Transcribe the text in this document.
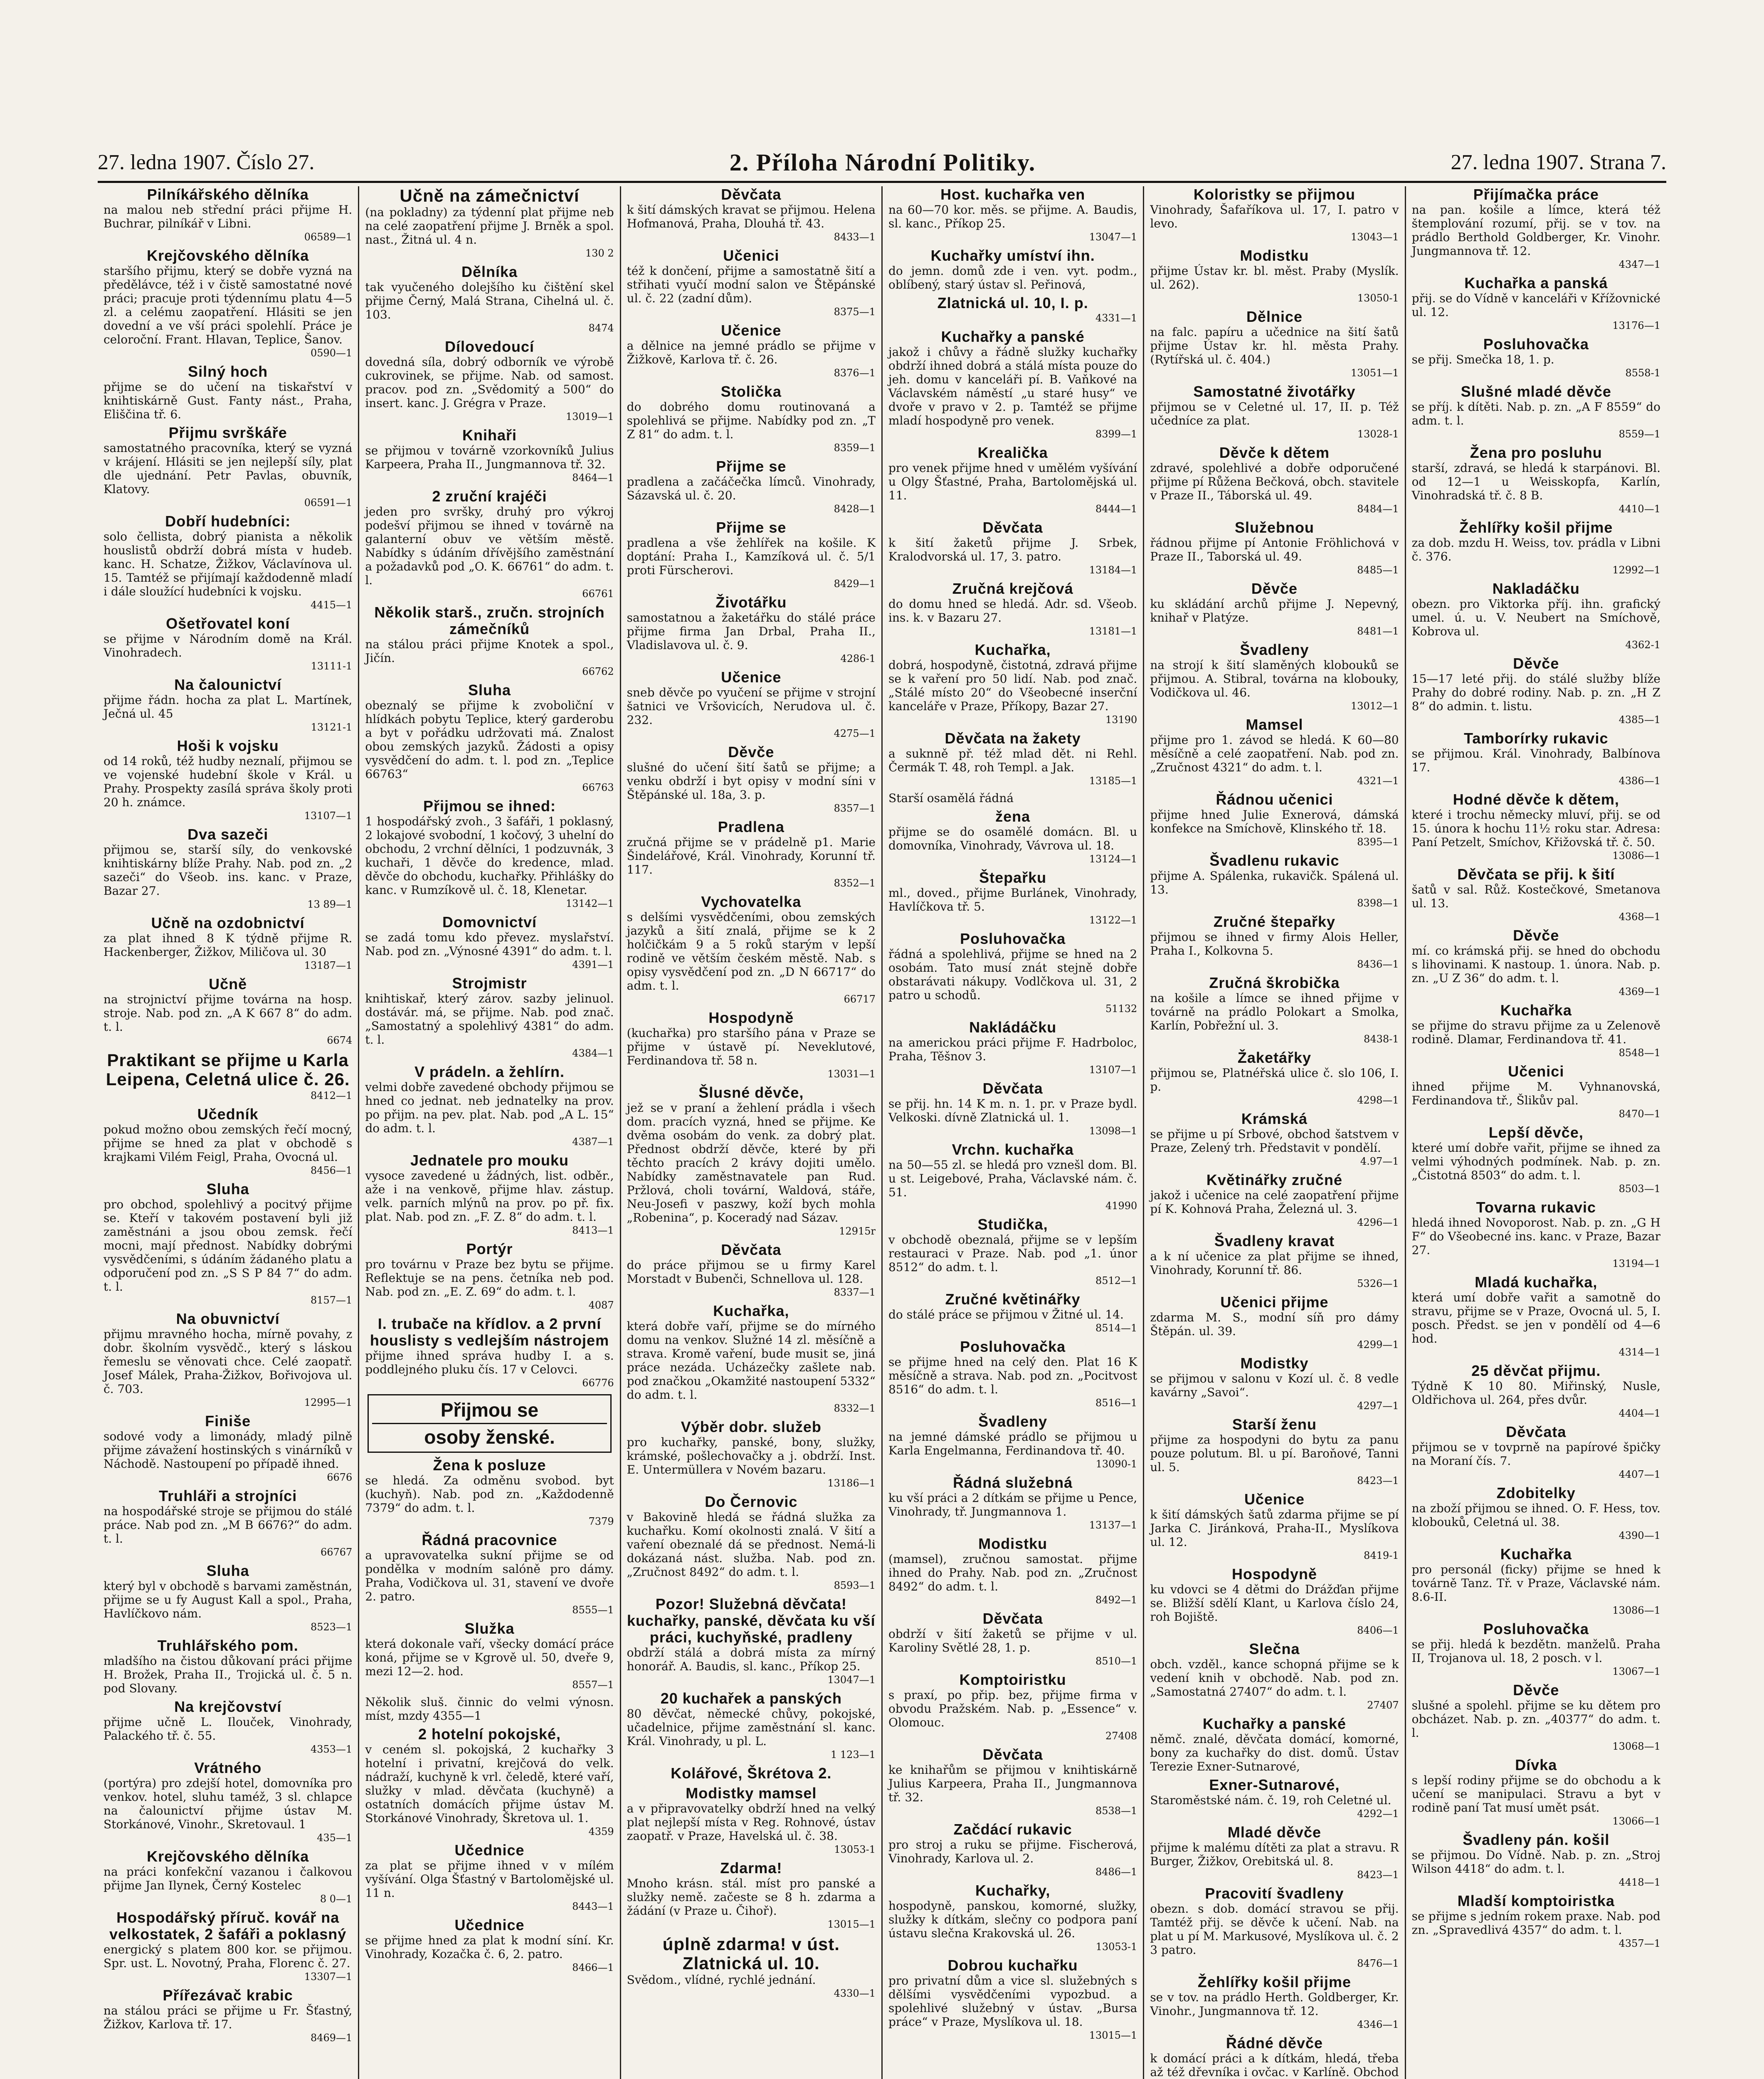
27. ledna 1907. Číslo 27.	2. Příloha Národní Politiky.	27. ledna 1907. Strana 7.
Pilníkářského dělníka

na malou neb střední práci přijme H. Buchrar, pilníkář v Libni.

06589—1
Krejčovského dělníka

staršího přijmu, který se dobře vyzná na předělávce, též i v čistě samostatné nové práci; pracuje proti týdennímu platu 4—5 zl. a celému zaopatření. Hlásiti se jen dovední a ve vší práci spolehlí. Práce je celoroční. Frant. Hlavan, Teplice, Šanov.

0590—1
Silný hoch

přijme se do učení na tiskařství v knihtiskárně Gust. Fanty nást., Praha, Eliščina tř. 6.

Přijmu svrškáře

samostatného pracovníka, který se vyzná v krájení. Hlásiti se jen nejlepší síly, plat dle ujednání. Petr Pavlas, obuvník, Klatovy.

06591—1
Dobří hudebníci:

solo čellista, dobrý pianista a několik houslistů obdrží dobrá místa v hudeb. kanc. H. Schatze, Žižkov, Václavínova ul. 15. Tamtéž se přijímají každodenně mladí i dále sloužící hudebníci k vojsku.

4415—1
Ošetřovatel koní

se přijme v Národním domě na Král. Vinohradech.

13111-1
Na čalounictví

přijme řádn. hocha za plat L. Martínek, Ječná ul. 45

13121-1
Hoši k vojsku

od 14 roků, též hudby neznalí, přijmou se ve vojenské hudební škole v Král. u Prahy. Prospekty zasílá správa školy proti 20 h. známce.

13107—1
Dva sazeči

přijmou se, starší síly, do venkovské knihtiskárny blíže Prahy. Nab. pod zn. „2 sazeči“ do Všeob. ins. kanc. v Praze, Bazar 27.

13 89—1
Učně na ozdobnictví

za plat ihned 8 K týdně přijme R. Hackenberger, Žižkov, Miličova ul. 30

13187—1
Učně

na strojnictví přijme továrna na hosp. stroje. Nab. pod zn. „A K 667 8“ do adm. t. l.

6674
Praktikant se přijme u Karla Leipena, Celetná ulice č. 26.
8412—1
Učedník

pokud možno obou zemských řečí mocný, přijme se hned za plat v obchodě s krajkami Vilém Feigl, Praha, Ovocná ul.

8456—1
Sluha

pro obchod, spolehlivý a pocitvý přijme se. Kteří v takovém postavení byli již zaměstnáni a jsou obou zemsk. řečí mocni, mají přednost. Nabídky dobrými vysvědčeními, s údáním žádaného platu a odporučení pod zn. „S S P 84 7“ do adm. t. l.

8157—1
Na obuvnictví

přijmu mravného hocha, mírně povahy, z dobr. školním vysvědč., který s láskou řemeslu se věnovati chce. Celé zaopatř. Josef Málek, Praha-Žižkov, Bořivojova ul. č. 703.

12995—1
Finiše

sodové vody a limonády, mladý pilně přijme závažení hostinských s vinárníků v Náchodě. Nastoupení po případě ihned.

6676
Truhláři a strojníci

na hospodářské stroje se přijmou do stálé práce. Nab pod zn. „M B 6676?“ do adm. t. l.

66767
Sluha

který byl v obchodě s barvami zaměstnán, přijme se u fy August Kall a spol., Praha, Havlíčkovo nám.

8523—1
Truhlářského pom.

mladšího na čistou důkovaní práci přijme H. Brožek, Praha II., Trojická ul. č. 5 n. pod Slovany.

Na krejčovství

přijme učně L. Ilouček, Vinohrady, Palackého tř. č. 55.

4353—1
Vrátného

(portýra) pro zdejší hotel, domovníka pro venkov. hotel, sluhu taméž, 3 sl. chlapce na čalounictví přijme ústav M. Storkánové, Vinohr., Skretovaul. 1

435—1
Krejčovského dělníka

na práci konfekční vazanou i čalkovou přijme Jan Ilynek, Černý Kostelec

8 0—1
Hospodářský příruč. kovář na velkostatek, 2 šafáři a poklasný

energický s platem 800 kor. se přijmou. Spr. ust. L. Novotný, Praha, Florenc č. 27.

13307—1
Přířezávač krabic

na stálou práci se přijme u Fr. Šťastný, Žižkov, Karlova tř. 17.

8469—1
Učně na zámečnictví

(na pokladny) za týdenní plat přijme neb na celé zaopatření přijme J. Brněk a spol. nast., Žitná ul. 4 n.

130 2
Dělníka

tak vyučeného dolejšího ku čištění skel přijme Černý, Malá Strana, Cihelná ul. č. 103.

8474
Dílovedoucí

dovedná síla, dobrý odborník ve výrobě cukrovinek, se přijme. Nab. od samost. pracov. pod zn. „Svědomitý a 500“ do insert. kanc. J. Grégra v Praze.

13019—1
Knihaři

se přijmou v továrně vzorkovníků Julius Karpeera, Praha II., Jungmannova tř. 32.

8464—1
2 zruční krajéči

jeden pro svršky, druhý pro výkroj podešví přijmou se ihned v továrně na galanterní obuv ve větším městě. Nabídky s údáním dřívějšího zaměstnání a požadavků pod „O. K. 66761“ do adm. t. l.

66761
Několik starš., zručn. strojních zámečníků

na stálou práci přijme Knotek a spol., Jičín.

66762
Sluha

obeznalý se přijme k zvoboliční v hlídkách pobytu Teplice, který garderobu a byt v pořádku udržovati má. Znalost obou zemských jazyků. Žádosti a opisy vysvědčení do adm. t. l. pod zn. „Teplice 66763“

66763
Přijmou se ihned:

1 hospodářský zvoh., 3 šafáři, 1 poklasný, 2 lokajové svobodní, 1 kočový, 3 uhelní do obchodu, 2 vrchní dělníci, 1 podzuvnák, 3 kuchaři, 1 děvče do kredence, mlad. děvče do obchodu, kuchařky. Přihlášky do kanc. v Rumzíkově ul. č. 18, Klenetar.

13142—1
Domovnictví

se zadá tomu kdo převez. myslařství. Nab. pod zn. „Výnosné 4391“ do adm. t. l.

4391—1
Strojmistr

knihtiskař, který zárov. sazby jelinuol. dostávár. má, se přijme. Nab. pod znač. „Samostatný a spolehlivý 4381“ do adm. t. l.

4384—1
V prádeln. a žehlírn.

velmi dobře zavedené obchody přijmou se hned co jednat. neb jednatelky na prov. po přijm. na pev. plat. Nab. pod „A L. 15“ do adm. t. l.

4387—1
Jednatele pro mouku

vysoce zavedené u žádných, list. odběr., aže i na venkově, přijme hlav. zástup. velk. parních mlýnů na prov. po př. fix. plat. Nab. pod zn. „F. Z. 8“ do adm. t. l.

8413—1
Portýr

pro továrnu v Praze bez bytu se přijme. Reflektuje se na pens. četníka neb pod. Nab. pod zn. „E. Z. 69“ do adm. t. l.

4087
I. trubače na křídlov. a 2 první houslisty s vedlejším nástrojem

přijme ihned správa hudby I. a s. poddlejného pluku čís. 17 v Celovci.

66776
Přijmou se
osoby ženské.
Žena k posluze

se hledá. Za odměnu svobod. byt (kuchyň). Nab. pod zn. „Každodenně 7379“ do adm. t. l.

7379
Řádná pracovnice

a upravovatelka sukní přijme se od pondělka v modním salóně pro dámy. Praha, Vodičkova ul. 31, stavení ve dvoře 2. patro.

8555—1
Služka

která dokonale vaří, všecky domácí práce koná, přijme se v Kgrově ul. 50, dveře 9, mezi 12—2. hod.

8557—1

Několik sluš. činnic do velmi výnosn. míst, mzdy 4355—1

2 hotelní pokojské,

v ceném sl. pokojská, 2 kuchařky 3 hotelní i privatní, krejčová do velk. nádraží, kuchyně k vrl. čeledě, které vaří, služky v mlad. děvčata (kuchyně) a ostatních domácích přijme ústav M. Storkánové Vinohrady, Škretova ul. 1.

4359
Učednice

za plat se přijme ihned v v mílém vyšívání. Olga Šťastný v Bartolomějské ul. 11 n.

8443—1
Učednice

se přijme hned za plat k modní síní. Kr. Vinohrady, Kozačka č. 6, 2. patro.

8466—1
Děvčata

k šití dámských kravat se přijmou. Helena Hofmanová, Praha, Dlouhá tř. 43.

8433—1
Učenici

též k dončení, přijme a samostatně šití a střihati vyučí modní salon ve Štěpánské ul. č. 22 (zadní dům).

8375—1
Učenice

a dělnice na jemné prádlo se přijme v Žižkově, Karlova tř. č. 26.

8376—1
Stolička

do dobrého domu routinovaná a spolehlivá se přijme. Nabídky pod zn. „T Z 81“ do adm. t. l.

8359—1
Přijme se

pradlena a začáčečka límců. Vinohrady, Sázavská ul. č. 20.

8428—1
Přijme se

pradlena a vše žehlířek na košile. K doptání: Praha I., Kamzíková ul. č. 5/1 proti Fürscherovi.

8429—1
Životářku

samostatnou a žaketářku do stálé práce přijme firma Jan Drbal, Praha II., Vladislavova ul. č. 9.

4286-1
Učenice

sneb děvče po vyučení se přijme v strojní šatnici ve Vršovicích, Nerudova ul. č. 232.

4275—1
Děvče

slušné do učení šití šatů se přijme; a venku obdrží i byt opisy v modní síni v Štěpánské ul. 18a, 3. p.

8357—1
Pradlena

zručná přijme se v prádelně p1. Marie Šindelářové, Král. Vinohrady, Korunní tř. 117.

8352—1
Vychovatelka

s delšími vysvědčeními, obou zemských jazyků a šití znalá, přijme se k 2 holčičkám 9 a 5 roků starým v lepší rodině ve větším českém městě. Nab. s opisy vysvědčení pod zn. „D N 66717“ do adm. t. l.

66717
Hospodyně

(kuchařka) pro staršího pána v Praze se přijme v ústavě pí. Neveklutové, Ferdinandova tř. 58 n.

13031—1
Šlusné děvče,

jež se v praní a žehlení prádla i všech dom. pracích vyzná, hned se přijme. Ke dvěma osobám do venk. za dobrý plat. Přednost obdrží děvče, které by při těchto pracích 2 krávy dojiti umělo. Nabídky zaměstnavatele pan Rud. Pržlová, choli tovární, Waldová, stáře, Neu-Josefi v paszwy, koží bych mohla „Robenina“, p. Koceradý nad Sázav.

12915r
Děvčata

do práce přijmou se u firmy Karel Morstadt v Bubenči, Schnellova ul. 128.

8337—1
Kuchařka,

která dobře vaří, přijme se do mírného domu na venkov. Služné 14 zl. měsíčně a strava. Kromě vaření, bude musit se, jiná práce nezáda. Ucházečky zašlete nab. pod značkou „Okamžité nastoupení 5332“ do adm. t. l.

8332—1
Výběr dobr. služeb

pro kuchařky, panské, bony, služky, krámské, pošlechovačky a j. obdrží. Inst. E. Untermüllera v Novém bazaru.

13186—1
Do Černovic

v Bakovině hledá se řádná služka za kuchařku. Komí okolnosti znalá. V šití a vaření obeznalé dá se přednost. Nemá-li dokázaná nást. služba. Nab. pod zn. „Zručnost 8492“ do adm. t. l.

8593—1
Pozor! Služebná děvčata! kuchařky, panské, děvčata ku vší práci, kuchyňské, pradleny

obdrží stálá a dobrá místa za mírný honorář. A. Baudis, sl. kanc., Příkop 25.

13047—1
20 kuchařek a panských

80 děvčat, německé chůvy, pokojské, učadelnice, přijme zaměstnání sl. kanc. Král. Vinohrady, u pl. L.

1 123—1
Kolářové, Škrétova 2.
Modistky mamsel

a v připravovatelky obdrží hned na velký plat nejlepší místa v Reg. Rohnové, ústav zaopatř. v Praze, Havelská ul. č. 38.

13053-1
Zdarma!

Mnoho krásn. stál. míst pro panské a služky nemě. začeste se 8 h. zdarma a žádání (v Praze u. Čihoř).

13015—1
úplně zdarma! v úst. Zlatnická ul. 10.

Svědom., vlídné, rychlé jednání.

4330—1
Host. kuchařka ven

na 60—70 kor. měs. se přijme. A. Baudis, sl. kanc., Příkop 25.

13047—1
Kuchařky umíství ihn.

do jemn. domů zde i ven. vyt. podm., oblíbený, starý ústav sl. Peřinová,

Zlatnická ul. 10, I. p.
4331—1
Kuchařky a panské

jakož i chůvy a řádně služky kuchařky obdrží ihned dobrá a stálá místa pouze do jeh. domu v kanceláři pí. B. Vaňkové na Václavském náměstí „u staré husy“ ve dvoře v pravo v 2. p. Tamtéž se přijme mladí hospodyně pro venek.

8399—1
Krealička

pro venek přijme hned v umělém vyšívání u Olgy Šťastné, Praha, Bartolomějská ul. 11.

8444—1
Děvčata

k šití žaketů přijme J. Srbek, Kralodvorská ul. 17, 3. patro.

13184—1
Zručná krejčová

do domu hned se hledá. Adr. sd. Všeob. ins. k. v Bazaru 27.

13181—1
Kuchařka,

dobrá, hospodyně, čistotná, zdravá přijme se k vaření pro 50 lidí. Nab. pod znač. „Stálé místo 20“ do Všeobecné inserční kanceláře v Praze, Příkopy, Bazar 27.

13190
Děvčata na žakety

a suknně př. též mlad dět. ni Rehl. Čermák T. 48, roh Templ. a Jak.

13185—1

Starší osamělá řádná

žena

přijme se do osamělé domácn. Bl. u domovníka, Vinohrady, Vávrova ul. 18.

13124—1
Štepařku

ml., doved., přijme Burlánek, Vinohrady, Havlíčkova tř. 5.

13122—1
Posluhovačka

řádná a spolehlivá, přijme se hned na 2 osobám. Tato musí znát stejně dobře obstarávati nákupy. Vodlčkova ul. 31, 2 patro u schodů.

51132
Nakládáčku

na americkou práci přijme F. Hadrboloc, Praha, Těšnov 3.

13107—1
Děvčata

se přij. hn. 14 K m. n. 1. pr. v Praze bydl. Velkoski. dívně Zlatnická ul. 1.

13098—1
Vrchn. kuchařka

na 50—55 zl. se hledá pro vznešl dom. Bl. u st. Leigebové, Praha, Václavské nám. č. 51.

41990
Studička,

v obchodě obeznalá, přijme se v lepším restauraci v Praze. Nab. pod „1. únor 8512“ do adm. t. l.

8512—1
Zručné květinářky

do stálé práce se přijmou v Žitné ul. 14.

8514—1
Posluhovačka

se přijme hned na celý den. Plat 16 K měsíčně a strava. Nab. pod zn. „Pocitvost 8516“ do adm. t. l.

8516—1
Švadleny

na jemné dámské prádlo se přijmou u Karla Engelmanna, Ferdinandova tř. 40.

13090-1
Řádná služebná

ku vší práci a 2 dítkám se přijme u Pence, Vinohrady, tř. Jungmannova 1.

13137—1
Modistku

(mamsel), zručnou samostat. přijme ihned do Prahy. Nab. pod zn. „Zručnost 8492“ do adm. t. l.

8492—1
Děvčata

obdrží v šití žaketů se přijme v ul. Karoliny Světlé 28, 1. p.

8510—1
Komptoiristku

s praxí, po přip. bez, přijme firma v obvodu Pražském. Nab. p. „Essence“ v. Olomouc.

27408
Děvčata

ke knihařům se přijmou v knihtiskárně Julius Karpeera, Praha II., Jungmannova tř. 32.

8538—1
Začdácí rukavic

pro stroj a ruku se přijme. Fischerová, Vinohrady, Karlova ul. 2.

8486—1
Kuchařky,

hospodyně, panskou, komorné, služky, služky k dítkám, slečny co podpora paní ústavu slečna Krakovská ul. 26.

13053-1
Dobrou kuchařku

pro privatní dům a vice sl. služebných s dělšími vysvědčeními vypozbud. a spolehlivé služebný v ústav. „Bursa práce“ v Praze, Myslíkova ul. 18.

13015—1
Koloristky se přijmou

Vinohrady, Šafaříkova ul. 17, I. patro v levo.

13043—1
Modistku

přijme Ústav kr. bl. měst. Praby (Myslík. ul. 262).

13050-1
Dělnice

na falc. papíru a učednice na šití šatů přijme Ústav kr. hl. města Prahy. (Rytířská ul. č. 404.)

13051—1
Samostatné životářky

přijmou se v Celetné ul. 17, II. p. Též učedníce za plat.

13028-1
Děvče k dětem

zdravé, spolehlivé a dobře odporučené přijme pí Růžena Bečková, obch. stavitele v Praze II., Táborská ul. 49.

8484—1
Služebnou

řádnou přijme pí Antonie Fröhlichová v Praze II., Taborská ul. 49.

8485—1
Děvče

ku skládání archů přijme J. Nepevný, knihař v Platýze.

8481—1
Švadleny

na strojí k šití slaměných klobouků se přijmou. A. Stibral, továrna na klobouky, Vodičkova ul. 46.

13012—1
Mamsel

přijme pro 1. závod se hledá. K 60—80 měsíčně a celé zaopatření. Nab. pod zn. „Zručnost 4321“ do adm. t. l.

4321—1
Řádnou učenici

přijme hned Julie Exnerová, dámská konfekce na Smíchově, Klinského tř. 18.

8395—1
Švadlenu rukavic

přijme A. Spálenka, rukavičk. Spálená ul. 13.

8398—1
Zručné štepařky

přijmou se ihned v firmy Alois Heller, Praha I., Kolkovna 5.

8436—1
Zručná škrobička

na košile a límce se ihned přijme v továrně na prádlo Polokart a Smolka, Karlín, Pobřežní ul. 3.

8438-1
Žaketářky

přijmou se, Platnéřská ulice č. slo 106, I. p.

4298—1
Krámská

se přijme u pí Srbové, obchod šatstvem v Praze, Zelený trh. Představit v pondělí.

4.97—1
Květinářky zručné

jakož i učenice na celé zaopatření přijme pí K. Kohnová Praha, Železná ul. 3.

4296—1
Švadleny kravat

a k ní učenice za plat přijme se ihned, Vinohrady, Korunní tř. 86.

5326—1
Učenici přijme

zdarma M. S., modní síň pro dámy Štěpán. ul. 39.

4299—1
Modistky

se přijmou v salonu v Kozí ul. č. 8 vedle kavárny „Savoi“.

4297—1
Starší ženu

přijme za hospodyni do bytu za panu pouze polutum. Bl. u pí. Baroňové, Tanni ul. 5.

8423—1
Učenice

k šití dámských šatů zdarma přijme se pí Jarka C. Jiránková, Praha-II., Myslíkova ul. 12.

8419-1
Hospodyně

ku vdovci se 4 dětmi do Drážďan přijme se. Bližší sdělí Klant, u Karlova číslo 24, roh Bojiště.

8406—1
Slečna

obch. vzděl., kance schopná přijme se k vedení knih v obchodě. Nab. pod zn. „Samostatná 27407“ do adm. t. l.

27407
Kuchařky a panské

němč. znalé, děvčata domácí, komorné, bony za kuchařky do dist. domů. Ústav Terezie Exner-Sutnarové,

Exner-Sutnarové,

Staroměstské nám. č. 19, roh Celetné ul.

4292—1
Mladé děvče

přijme k malému dítěti za plat a stravu. R Burger, Žižkov, Orebitská ul. 8.

8423—1
Pracovití švadleny

obezn. s dob. domácí stravou se přij. Tamtéž přij. se děvče k učení. Nab. na plat u pí M. Markusové, Myslíkova ul. č. 2 3 patro.

8476—1
Žehlířky košil přijme

se v tov. na prádlo Herth. Goldberger, Kr. Vinohr., Jungmannova tř. 12.

4346—1
Řádné děvče

k domácí práci a k dítkám, hledá, třeba až též dřevníka i ovčac. v Karlíně. Obchod

Přijímačka práce

na pan. košile a límce, která též štemplování rozumí, přij. se v tov. na prádlo Berthold Goldberger, Kr. Vinohr. Jungmannova tř. 12.

4347—1
Kuchařka a panská

přij. se do Vídně v kanceláři v Křížovnické ul. 12.

13176—1
Posluhovačka

se přij. Smečka 18, 1. p.

8558-1
Slušné mladé děvče

se příj. k dítěti. Nab. p. zn. „A F 8559“ do adm. t. l.

8559—1
Žena pro posluhu

starší, zdravá, se hledá k starpánovi. Bl. od 12—1 u Weisskopfa, Karlín, Vinohradská tř. č. 8 B.

4410—1
Žehlířky košil přijme

za dob. mzdu H. Weiss, tov. prádla v Libni č. 376.

12992—1
Nakladáčku

obezn. pro Viktorka příj. ihn. grafický umel. ú. u. V. Neubert na Smíchově, Kobrova ul.

4362-1
Děvče

15—17 leté přij. do stálé služby blíže Prahy do dobré rodiny. Nab. p. zn. „H Z 8“ do admin. t. listu.

4385—1
Tamborírky rukavic

se přijmou. Král. Vinohrady, Balbínova 17.

4386—1
Hodné děvče k dětem,

které i trochu německy mluví, přij. se od 15. února k hochu 11½ roku star. Adresa: Paní Petzelt, Smíchov, Křižovská tř. č. 50.

13086—1
Děvčata se přij. k šití

šatů v sal. Růž. Kostečkové, Smetanova ul. 13.

4368—1
Děvče

mí. co krámská přij. se hned do obchodu s lihovinami. K nastoup. 1. února. Nab. p. zn. „U Z 36“ do adm. t. l.

4369—1
Kuchařka

se přijme do stravu přijme za u Zelenově rodině. Dlamar, Ferdinandova tř. 41.

8548—1
Učenici

ihned přijme M. Vyhnanovská, Ferdinandova tř., Šlikův pal.

8470—1
Lepší děvče,

které umí dobře vařit, přijme se ihned za velmi výhodných podmínek. Nab. p. zn. „Čistotná 8503“ do adm. t. l.

8503—1
Tovarna rukavic

hledá ihned Novoporost. Nab. p. zn. „G H F“ do Všeobecné ins. kanc. v Praze, Bazar 27.

13194—1
Mladá kuchařka,

která umí dobře vařit a samotně do stravu, přijme se v Praze, Ovocná ul. 5, I. posch. Předst. se jen v pondělí od 4—6 hod.

4314—1
25 děvčat přijmu.

Týdně K 10 80. Miřinský, Nusle, Oldřichova ul. 264, přes dvůr.

4404—1
Děvčata

přijmou se v tovprně na papírové špičky na Moraní čís. 7.

4407—1
Zdobitelky

na zboží přijmou se ihned. O. F. Hess, tov. klobouků, Celetná ul. 38.

4390—1
Kuchařka

pro personál (ficky) přijme se hned k továrně Tanz. Tř. v Praze, Václavské nám. 8.6-II.

13086—1
Posluhovačka

se přij. hledá k bezdětn. manželů. Praha II, Trojanova ul. 18, 2 posch. v l.

13067—1
Děvče

slušné a spolehl. přijme se ku dětem pro obcházet. Nab. p. zn. „40377“ do adm. t. l.

13068—1
Dívka

s lepší rodiny přijme se do obchodu a k učení se manipulaci. Stravu a byt v rodině paní Tat musí umět psát.

13066—1
Švadleny pán. košil

se přijmou. Do Vídně. Nab. p. zn. „Stroj Wilson 4418“ do adm. t. l.

4418—1
Mladší komptoiristka

se přijme s jedním rokem praxe. Nab. pod zn. „Spravedlivá 4357“ do adm. t. l.

4357—1
